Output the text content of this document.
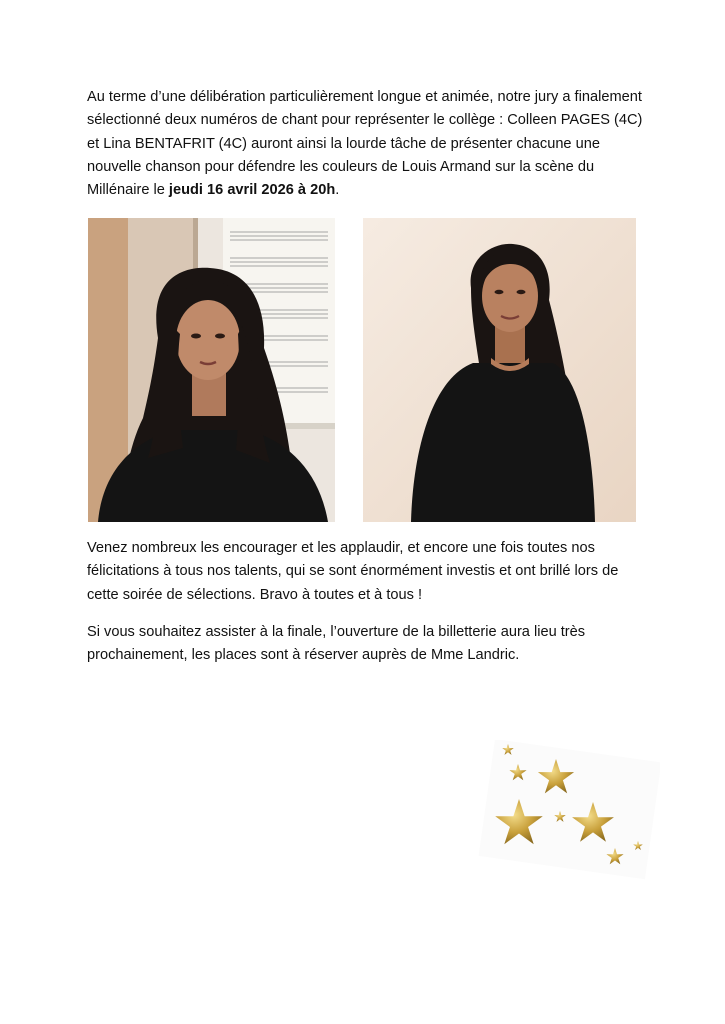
Au terme d’une délibération particulièrement longue et animée, notre jury a finalement sélectionné deux numéros de chant pour représenter le collège : Colleen PAGES (4C) et Lina BENTAFRIT (4C) auront ainsi la lourde tâche de présenter chacune une nouvelle chanson pour défendre les couleurs de Louis Armand sur la scène du Millénaire le jeudi 16 avril 2026 à 20h.

Venez nombreux les encourager et les applaudir, et encore une fois toutes nos félicitations à tous nos talents, qui se sont énormément investis et ont brillé lors de cette soirée de sélections. Bravo à toutes et à tous !

Si vous souhaitez assister à la finale, l’ouverture de la billetterie aura lieu très prochainement, les places sont à réserver auprès de Mme Landric.
